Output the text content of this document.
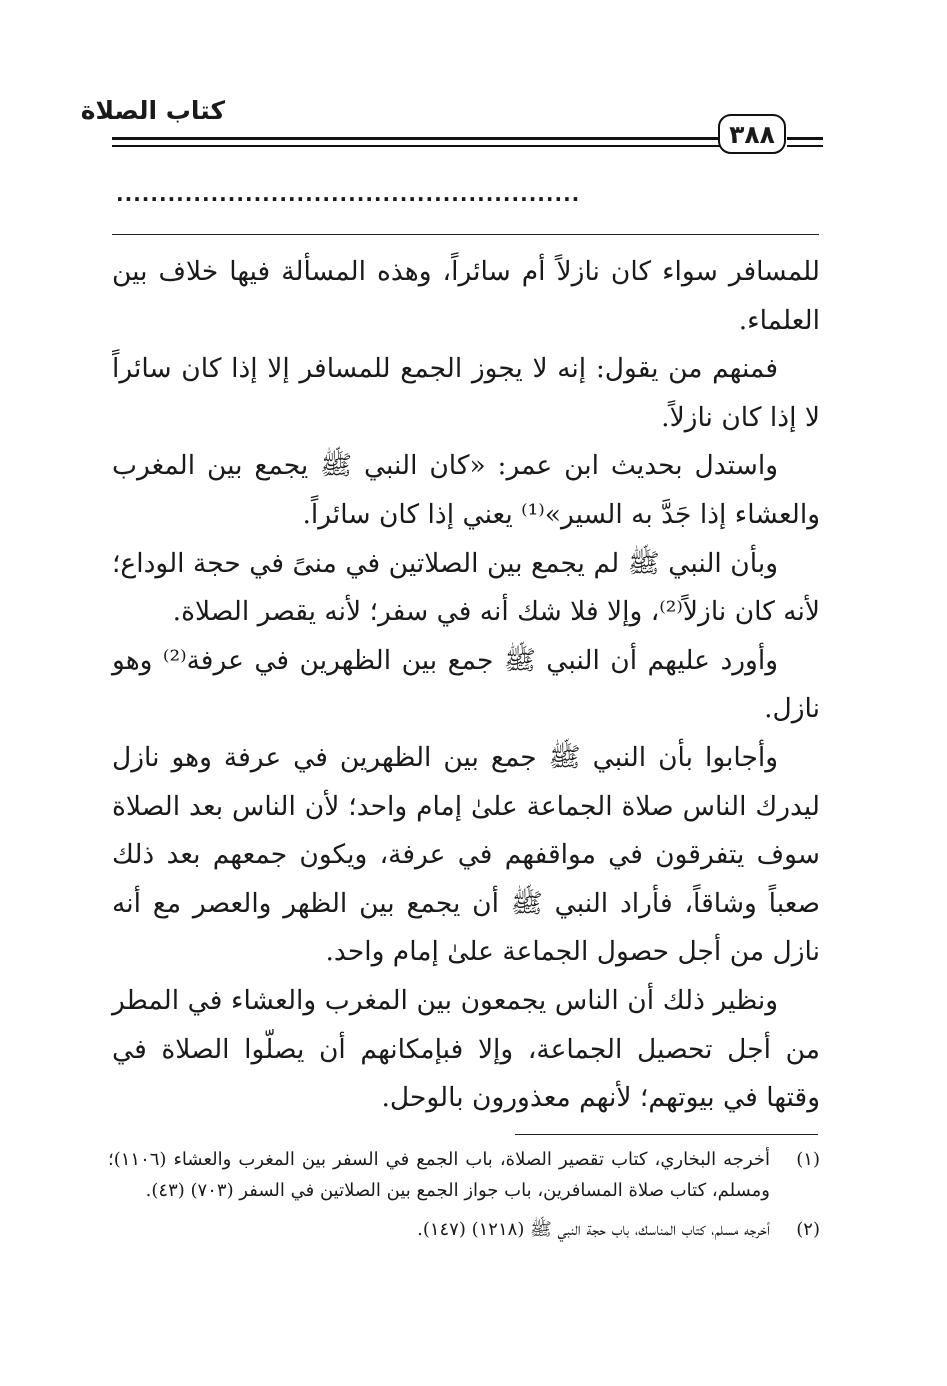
كتاب الصلاة
٣٨٨
......................................................

للمسافر سواء كان نازلاً أم سائراً، وهذه المسألة فيها خلاف بين العلماء.

فمنهم من يقول: إنه لا يجوز الجمع للمسافر إلا إذا كان سائراً لا إذا كان نازلاً.

واستدل بحديث ابن عمر: «كان النبي ﷺ يجمع بين المغرب والعشاء إذا جَدَّ به السير»⁽¹⁾ يعني إذا كان سائراً.

وبأن النبي ﷺ لم يجمع بين الصلاتين في منىً في حجة الوداع؛ لأنه كان نازلاً⁽²⁾، وإلا فلا شك أنه في سفر؛ لأنه يقصر الصلاة.

وأورد عليهم أن النبي ﷺ جمع بين الظهرين في عرفة⁽²⁾ وهو نازل.

وأجابوا بأن النبي ﷺ جمع بين الظهرين في عرفة وهو نازل ليدرك الناس صلاة الجماعة علىٰ إمام واحد؛ لأن الناس بعد الصلاة سوف يتفرقون في مواقفهم في عرفة، ويكون جمعهم بعد ذلك صعباً وشاقاً، فأراد النبي ﷺ أن يجمع بين الظهر والعصر مع أنه نازل من أجل حصول الجماعة علىٰ إمام واحد.

ونظير ذلك أن الناس يجمعون بين المغرب والعشاء في المطر من أجل تحصيل الجماعة، وإلا فبإمكانهم أن يصلّوا الصلاة في وقتها في بيوتهم؛ لأنهم معذورون بالوحل.

(١)
أخرجه البخاري، كتاب تقصير الصلاة، باب الجمع في السفر بين المغرب والعشاء (١١٠٦)؛ ومسلم، كتاب صلاة المسافرين، باب جواز الجمع بين الصلاتين في السفر (٧٠٣) (٤٣).
(٢)
أخرجه مسلم، كتاب المناسك، باب حجة النبي ﷺ (١٢١٨) (١٤٧).
